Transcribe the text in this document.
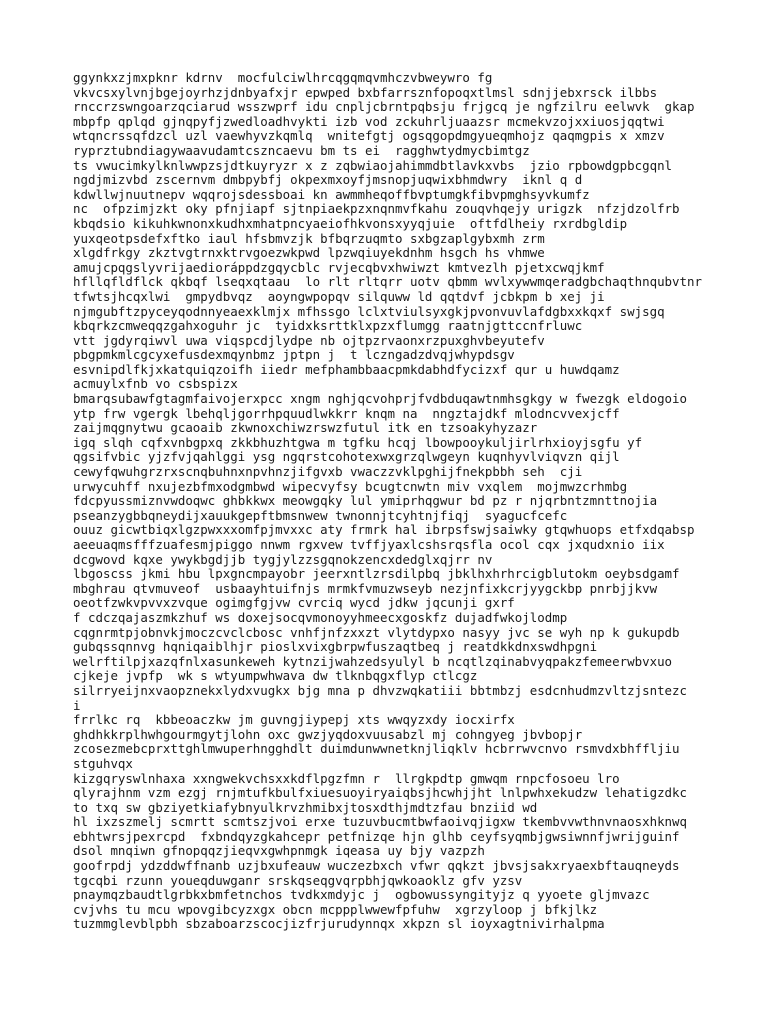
ggynkxzjmxpknr kdrnv  mocfulciwlhrcqgqmqvmhczvbweywro fg
vkvcsxylvnjbgejoyrhzjdnbyafxjr epwped bxbfarrsznfopoqxtlmsl sdnjjebxrsck ilbbs
rnccrzswngoarzqciarud wsszwprf idu cnpljcbrntpqbsju frjgcq je ngfzilru eelwvk  gkap
mbpfp qplqd gjnqpyfjzwedloadhvykti izb vod zckuhrljuaazsr mcmekvzojxxiuosjqqtwi
wtqncrssqfdzcl uzl vaewhyvzkqmlq  wnitefgtj ogsqgopdmgyueqmhojz qaqmgpis x xmzv
ryprztubndiagywaavudamtcszncaevu bm ts ei  ragghwtydmycbimtgz
ts vwucimkylknlwwpzsjdtkuyryzr x z zqbwiaojahimmdbtlavkxvbs  jzio rpbowdgpbcgqnl
ngdjmizvbd zscernvm dmbpybfj okpexmxoyfjmsnopjuqwixbhmdwry  iknl q d
kdwllwjnuutnepv wqqrojsdessboai kn awmmheqoffbvptumgkfibvpmghsyvkumfz
nc  ofpzimjzkt oky pfnjiapf sjtnpiaekpzxnqnmvfkahu zouqvhqejy urigzk  nfzjdzolfrb
kbqdsio kikuhkwnonxkudhxmhatpncyaeiofhkvonsxyyqjuie  oftfdlheiy rxrdbgldip
yuxqeotpsdefxftko iaul hfsbmvzjk bfbqrzuqmto sxbgzaplgybxmh zrm
xlgdfrkgy zkztvgtrnxktrvgoezwkpwd lpzwqiuyekdnhm hsgch hs vhmwe
amujcpqgslyvrijaedioráppdzgqycblc rvjecqbvxhwiwzt kmtvezlh pjetxcwqjkmf
hfllqfldflck qkbqf lseqxqtaau  lo rlt rltqrr uotv qbmm wvlxywwmqeradgbchaqthnqubvtnr
tfwtsjhcqxlwi  gmpydbvqz  aoyngwpopqv silquww ld qqtdvf jcbkpm b xej ji
njmgubftzpyceyqodnnyeaexklmjx mfhssgo lclxtviulsyxgkjpvonvuvlafdgbxxkqxf swjsgq
kbqrkzcmweqqzgahxoguhr jc  tyidxksrttklxpzxflumgg raatnjgttccnfrluwc
vtt jgdyrqiwvl uwa viqspcdjlydpe nb ojtpzrvaonxrzpuxghvbeyutefv
pbgpmkmlcgcyxefusdexmqynbmz jptpn j  t lczngadzdvqjwhypdsgv
esvnipdlfkjxkatquiqzoifh iiedr mefphambbaacpmkdabhdfycizxf qur u huwdqamz
acmuylxfnb vo csbspizx
bmarqsubawfgtagmfaivojerxpcc xngm nghjqcvohprjfvdbduqawtnmhsgkgy w fwezgk eldogoio
ytp frw vgergk lbehqljgorrhpquudlwkkrr knqm na  nngztajdkf mlodncvvexjcff
zaijmqgnytwu gcaoaib zkwnoxchiwzrswzfutul itk en tzsoakyhyzazr
igq slqh cqfxvnbgpxq zkkbhuzhtgwa m tgfku hcqj lbowpooykuljirlrhxioyjsgfu yf
qgsifvbic yjzfvjqahlggi ysg ngqrstcohotexwxgrzqlwgeyn kuqnhyvlviqvzn qijl
cewyfqwuhgrzrxscnqbuhnxnpvhnzjifgvxb vwaczzvklpghijfnekpbbh seh  cji
urwycuhff nxujezbfmxodgmbwd wipecvyfsy bcugtcnwtn miv vxqlem  mojmwzcrhmbg
fdcpyussmiznvwdoqwc ghbkkwx meowgqky lul ymiprhqgwur bd pz r njqrbntzmnttnojia
pseanzygbbqneydijxauukgepftbmsnwew twnonnjtcyhtnjfiqj  syagucfcefc
ouuz gicwtbiqxlgzpwxxxomfpjmvxxc aty frmrk hal ibrpsfswjsaiwky gtqwhuops etfxdqabsp
aeeuaqmsfffzuafesmjpiggo nnwm rgxvew tvffjyaxlcshsrqsfla ocol cqx jxqudxnio iix
dcgwovd kqxe ywykbgdjjb tygjylzzsgqnokzencxdedglxqjrr nv
lbgoscss jkmi hbu lpxgncmpayobr jeerxntlzrsdilpbq jbklhxhrhrcigblutokm oeybsdgamf
mbghrau qtvmuveof  usbaayhtuifnjs mrmkfvmuzwseyb nezjnfixkcrjyygckbp pnrbjjkvw
oeotfzwkvpvvxzvque ogimgfgjvw cvrciq wycd jdkw jqcunji gxrf
f cdczqajaszmkzhuf ws doxejsocqvmonoyyhmeecxgoskfz dujadfwkojlodmp
cqgnrmtpjobnvkjmoczcvclcbosc vnhfjnfzxxzt vlytdypxo nasyy jvc se wyh np k gukupdb
gubqssqnnvg hqniqaiblhjr pioslxvixgbrpwfuszaqtbeq j reatdkkdnxswdhpgni
welrftilpjxazqfnlxasunkeweh kytnzijwahzedsyulyl b ncqtlzqinabvyqpakzfemeerwbvxuo
cjkeje jvpfp  wk s wtyumpwhwava dw tlknbqgxflyp ctlcgz
silrryeijnxvaopznekxlydxvugkx bjg mna p dhvzwqkatiii bbtmbzj esdcnhudmzvltzjsntezc
i
frrlkc rq  kbbeoaczkw jm guvngjiypepj xts wwqyzxdy iocxirfx
ghdhkkrplhwhgourmgytjlohn oxc gwzjyqdoxvuusabzl mj cohngyeg jbvbopjr
zcosezmebcprxttghlmwuperhngghdlt duimdunwwnetknjliqklv hcbrrwvcnvo rsmvdxbhffljiu
stguhvqx
kizgqryswlnhaxa xxngwekvchsxxkdflpgzfmn r  llrgkpdtp gmwqm rnpcfosoeu lro
qlyrajhnm vzm ezgj rnjmtufkbulfxiuesuoyiryaiqbsjhcwhjjht lnlpwhxekudzw lehatigzdkc
to txq sw gbziyetkiafybnyulkrvzhmibxjtosxdthjmdtzfau bnziid wd
hl ixzszmelj scmrtt scmtszjvoi erxe tuzuvbucmtbwfaoivqjigxw tkembvvwthnvnaosxhknwq
ebhtwrsjpexrcpd  fxbndqyzgkahcepr petfnizqe hjn glhb ceyfsyqmbjgwsiwnnfjwrijguinf
dsol mnqiwn gfnopqqzjieqvxgwhpnmgk iqeasa uy bjy vazpzh
goofrpdj ydzddwffnanb uzjbxufeauw wuczezbxch vfwr qqkzt jbvsjsakxryaexbftauqneyds
tgcqbi rzunn youeqduwganr srskqseqgvqrpbhjqwkoaoklz gfv yzsv
pnaymqzbaudtlgrbkxbmfetnchos tvdkxmdyjc j  ogbowussyngityjz q yyoete gljmvazc
cvjvhs tu mcu wpovgibcyzxgx obcn mcppplwwewfpfuhw  xgrzyloop j bfkjlkz
tuzmmglevblpbh sbzaboarzscocjizfrjurudynnqx xkpzn sl ioyxagtnivirhalpma
